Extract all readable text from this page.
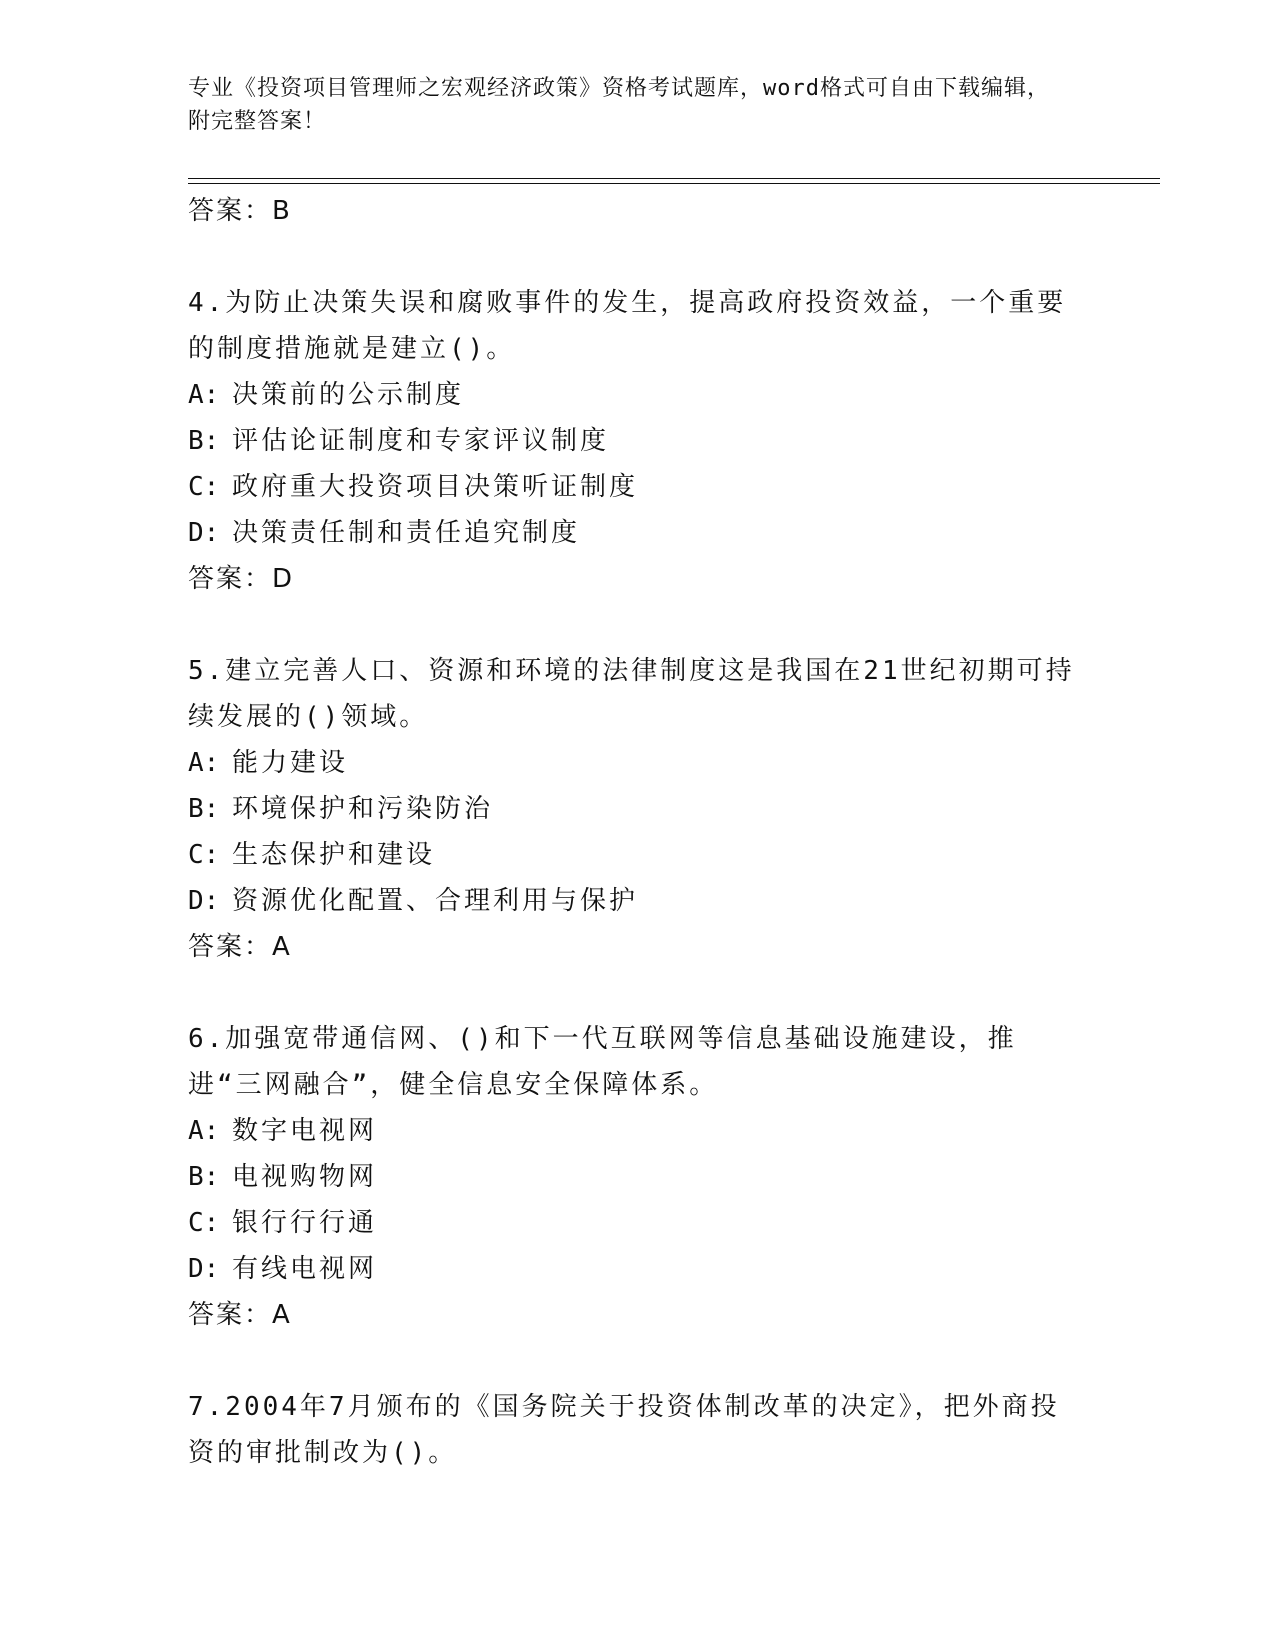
专业《投资项目管理师之宏观经济政策》资格考试题库，word格式可自由下载编辑，附完整答案！
答案：B
4.为防止决策失误和腐败事件的发生，提高政府投资效益，一个重要的制度措施就是建立()。
A: 决策前的公示制度
B: 评估论证制度和专家评议制度
C: 政府重大投资项目决策听证制度
D: 决策责任制和责任追究制度
答案：D
5.建立完善人口、资源和环境的法律制度这是我国在21世纪初期可持续发展的()领域。
A: 能力建设
B: 环境保护和污染防治
C: 生态保护和建设
D: 资源优化配置、合理利用与保护
答案：A
6.加强宽带通信网、()和下一代互联网等信息基础设施建设，推进“三网融合”，健全信息安全保障体系。
A: 数字电视网
B: 电视购物网
C: 银行行行通
D: 有线电视网
答案：A
7.2004年7月颁布的《国务院关于投资体制改革的决定》，把外商投资的审批制改为()。
